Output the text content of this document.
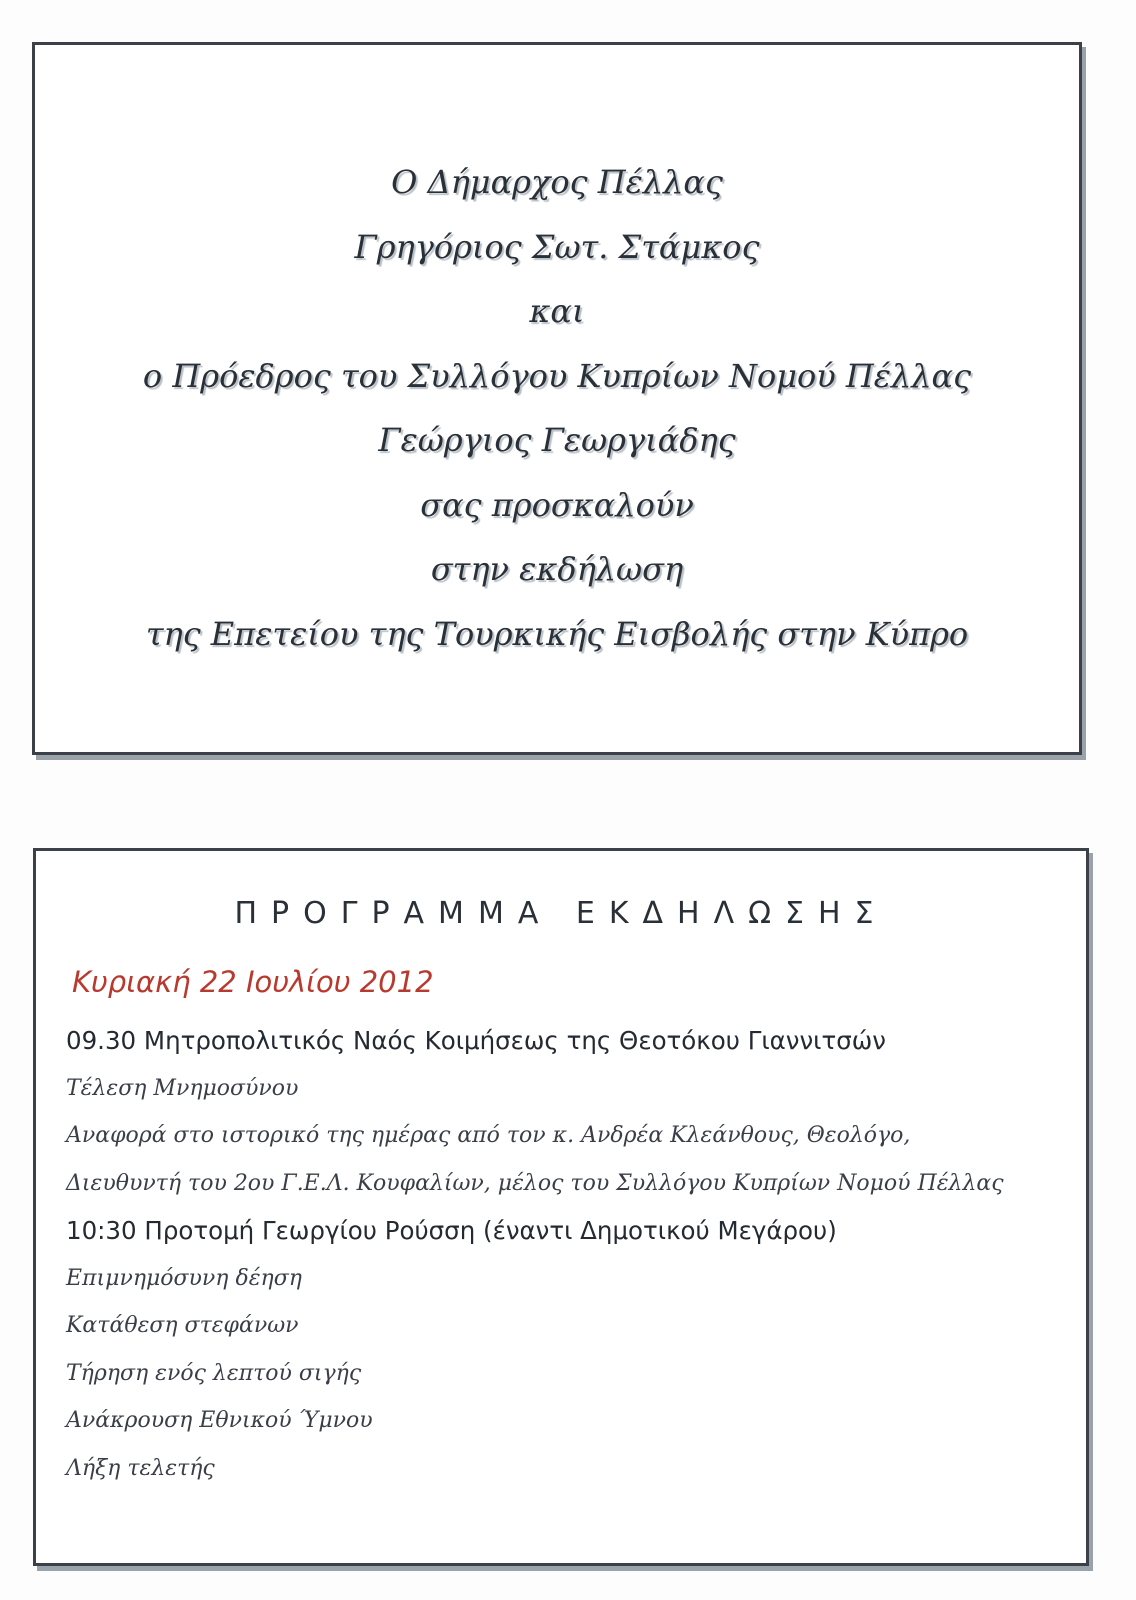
Ο Δήμαρχος Πέλλας
Γρηγόριος Σωτ. Στάμκος
και
ο Πρόεδρος του Συλλόγου Κυπρίων Νομού Πέλλας
Γεώργιος Γεωργιάδης
σας προσκαλούν
στην εκδήλωση
της Επετείου της Τουρκικής Εισβολής στην Κύπρο
ΠΡΟΓΡΑΜΜΑ ΕΚΔΗΛΩΣΗΣ
Κυριακή 22 Ιουλίου 2012
09.30 Μητροπολιτικός Ναός Κοιμήσεως της Θεοτόκου Γιαννιτσών
Τέλεση Μνημοσύνου
Αναφορά στο ιστορικό της ημέρας από τον κ. Ανδρέα Κλεάνθους, Θεολόγο,
Διευθυντή του 2ου Γ.Ε.Λ. Κουφαλίων, μέλος του Συλλόγου Κυπρίων Νομού Πέλλας
10:30 Προτομή Γεωργίου Ρούσση (έναντι Δημοτικού Μεγάρου)
Επιμνημόσυνη δέηση
Κατάθεση στεφάνων
Τήρηση ενός λεπτού σιγής
Ανάκρουση Εθνικού Ύμνου
Λήξη τελετής
